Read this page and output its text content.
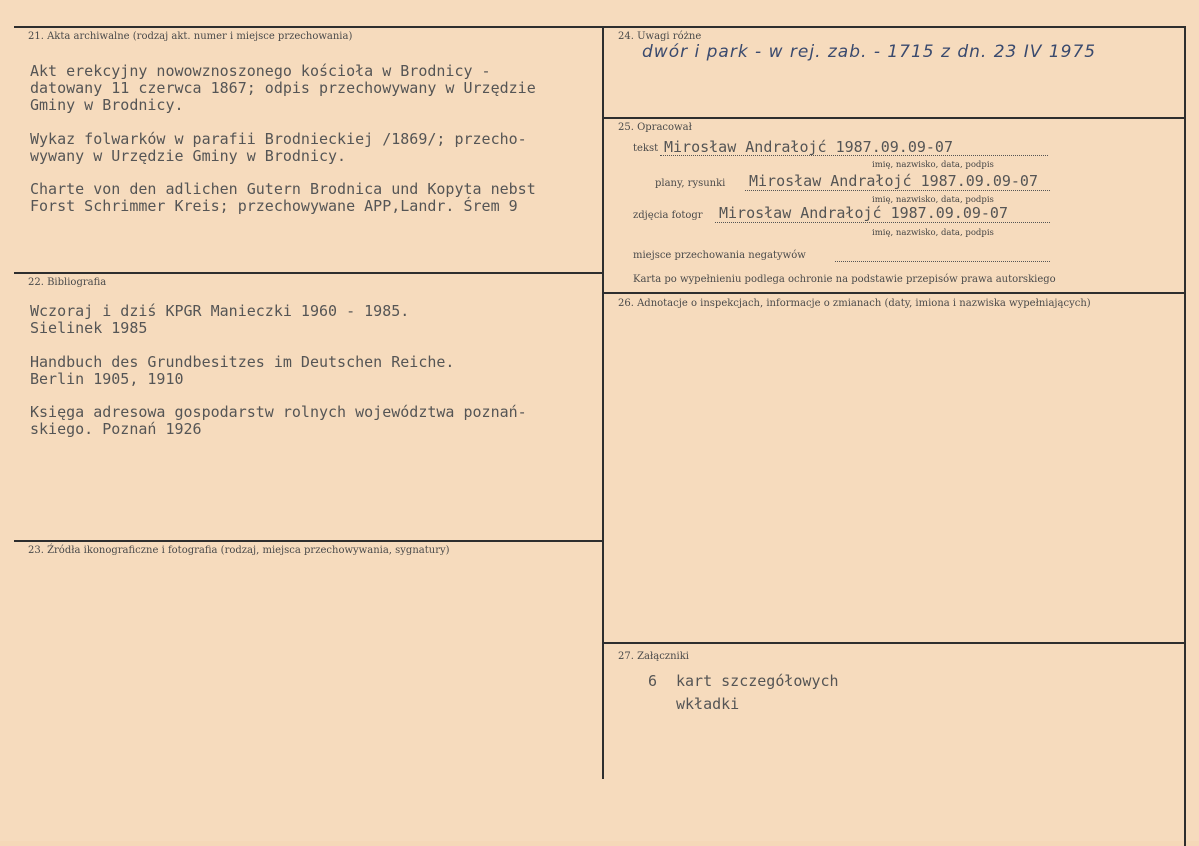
21. Akta archiwalne (rodzaj akt. numer i miejsce przechowania)
Akt erekcyjny nowowznoszonego kościoła w Brodnicy -
datowany 11 czerwca 1867; odpis przechowywany w Urzędzie
Gminy w Brodnicy.
Wykaz folwarków w parafii Brodnieckiej /1869/; przecho-
wywany w Urzędzie Gminy w Brodnicy.
Charte von den adlichen Gutern Brodnica und Kopyta nebst
Forst Schrimmer Kreis; przechowywane APP,Landr. Śrem 9
22. Bibliografia
Wczoraj i dziś KPGR Manieczki 1960 - 1985.
Sielinek 1985
Handbuch des Grundbesitzes im Deutschen Reiche.
Berlin 1905, 1910
Księga adresowa gospodarstw rolnych województwa poznań-
skiego. Poznań 1926
23. Źródła ikonograficzne i fotografia (rodzaj, miejsca przechowywania, sygnatury)
24. Uwagi różne
dwór i park - w rej. zab. - 1715 z dn. 23 IV 1975
25. Opracował
tekst Mirosław Andrałojć 1987.09.09-07
imię, nazwisko, data, podpis
plany, rysunki Mirosław Andrałojć 1987.09.09-07
imię, nazwisko, data, podpis
zdjęcia fotogr Mirosław Andrałojć 1987.09.09-07
imię, nazwisko, data, podpis
miejsce przechowania negatywów
Karta po wypełnieniu podlega ochronie na podstawie przepisów prawa autorskiego
26. Adnotacje o inspekcjach, informacje o zmianach (daty, imiona i nazwiska wypełniających)
27. Załączniki
6 kart szczegółowych
wkładki
